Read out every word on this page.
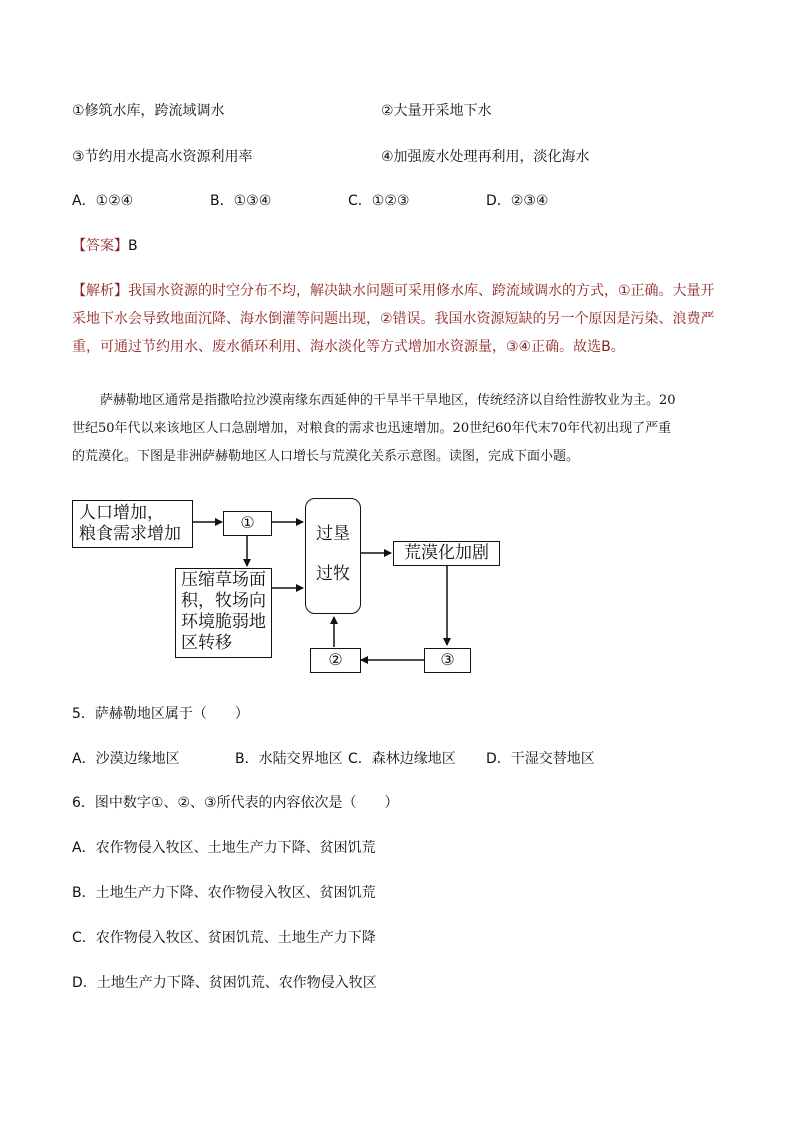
①修筑水库，跨流域调水	②大量开采地下水
③节约用水提高水资源利用率	④加强废水处理再利用，淡化海水
A．①②④	B．①③④	C．①②③	D．②③④
【答案】B
【解析】我国水资源的时空分布不均，解决缺水问题可采用修水库、跨流域调水的方式，①正确。大量开
采地下水会导致地面沉降、海水倒灌等问题出现，②错误。我国水资源短缺的另一个原因是污染、浪费严
重，可通过节约用水、废水循环利用、海水淡化等方式增加水资源量，③④正确。故选B。
萨赫勒地区通常是指撒哈拉沙漠南缘东西延伸的干旱半干旱地区，传统经济以自给性游牧业为主。20
世纪50年代以来该地区人口急剧增加，对粮食的需求也迅速增加。20世纪60年代末70年代初出现了严重
的荒漠化。下图是非洲萨赫勒地区人口增长与荒漠化关系示意图。读图，完成下面小题。
人口增加，
粮食需求增加
①
过垦
过牧
压缩草场面
积，牧场向
环境脆弱地
区转移
荒漠化加剧
②	③
5．萨赫勒地区属于（　　）
A．沙漠边缘地区	B．水陆交界地区 C．森林边缘地区 D．干湿交替地区
6．图中数字①、②、③所代表的内容依次是（　　）
A．农作物侵入牧区、土地生产力下降、贫困饥荒
B．土地生产力下降、农作物侵入牧区、贫困饥荒
C．农作物侵入牧区、贫困饥荒、土地生产力下降
D．土地生产力下降、贫困饥荒、农作物侵入牧区
